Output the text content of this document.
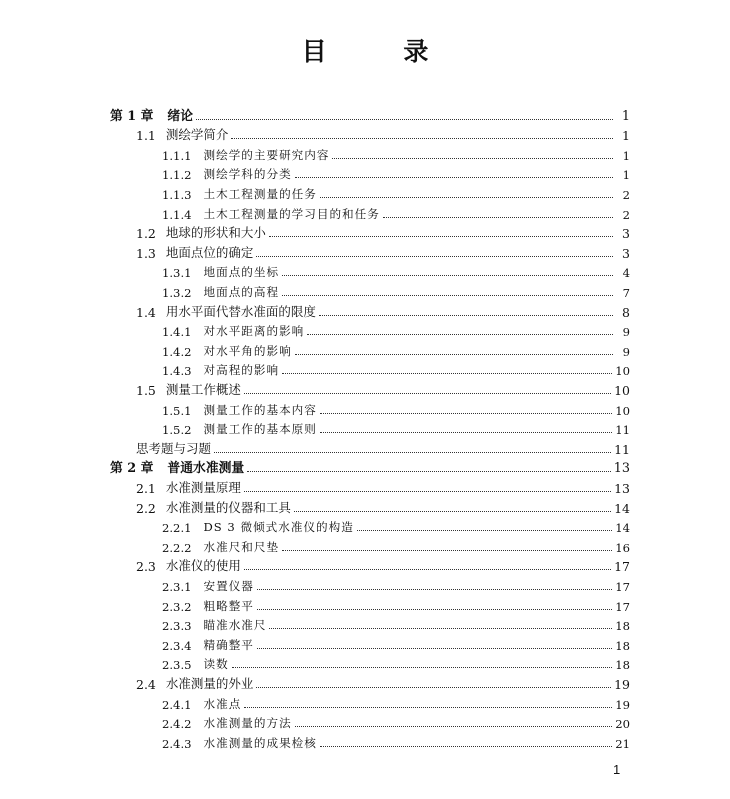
目 录
第 1 章 绪论	1
1.1 测绘学简介	1
1.1.1 测绘学的主要研究内容	1
1.1.2 测绘学科的分类	1
1.1.3 土木工程测量的任务	2
1.1.4 土木工程测量的学习目的和任务	2
1.2 地球的形状和大小	3
1.3 地面点位的确定	3
1.3.1 地面点的坐标	4
1.3.2 地面点的高程	7
1.4 用水平面代替水准面的限度	8
1.4.1 对水平距离的影响	9
1.4.2 对水平角的影响	9
1.4.3 对高程的影响	10
1.5 测量工作概述	10
1.5.1 测量工作的基本内容	10
1.5.2 测量工作的基本原则	11
思考题与习题	11
第 2 章 普通水准测量	13
2.1 水准测量原理	13
2.2 水准测量的仪器和工具	14
2.2.1 DS 3 微倾式水准仪的构造	14
2.2.2 水准尺和尺垫	16
2.3 水准仪的使用	17
2.3.1 安置仪器	17
2.3.2 粗略整平	17
2.3.3 瞄准水准尺	18
2.3.4 精确整平	18
2.3.5 读数	18
2.4 水准测量的外业	19
2.4.1 水准点	19
2.4.2 水准测量的方法	20
2.4.3 水准测量的成果检核	21
1
